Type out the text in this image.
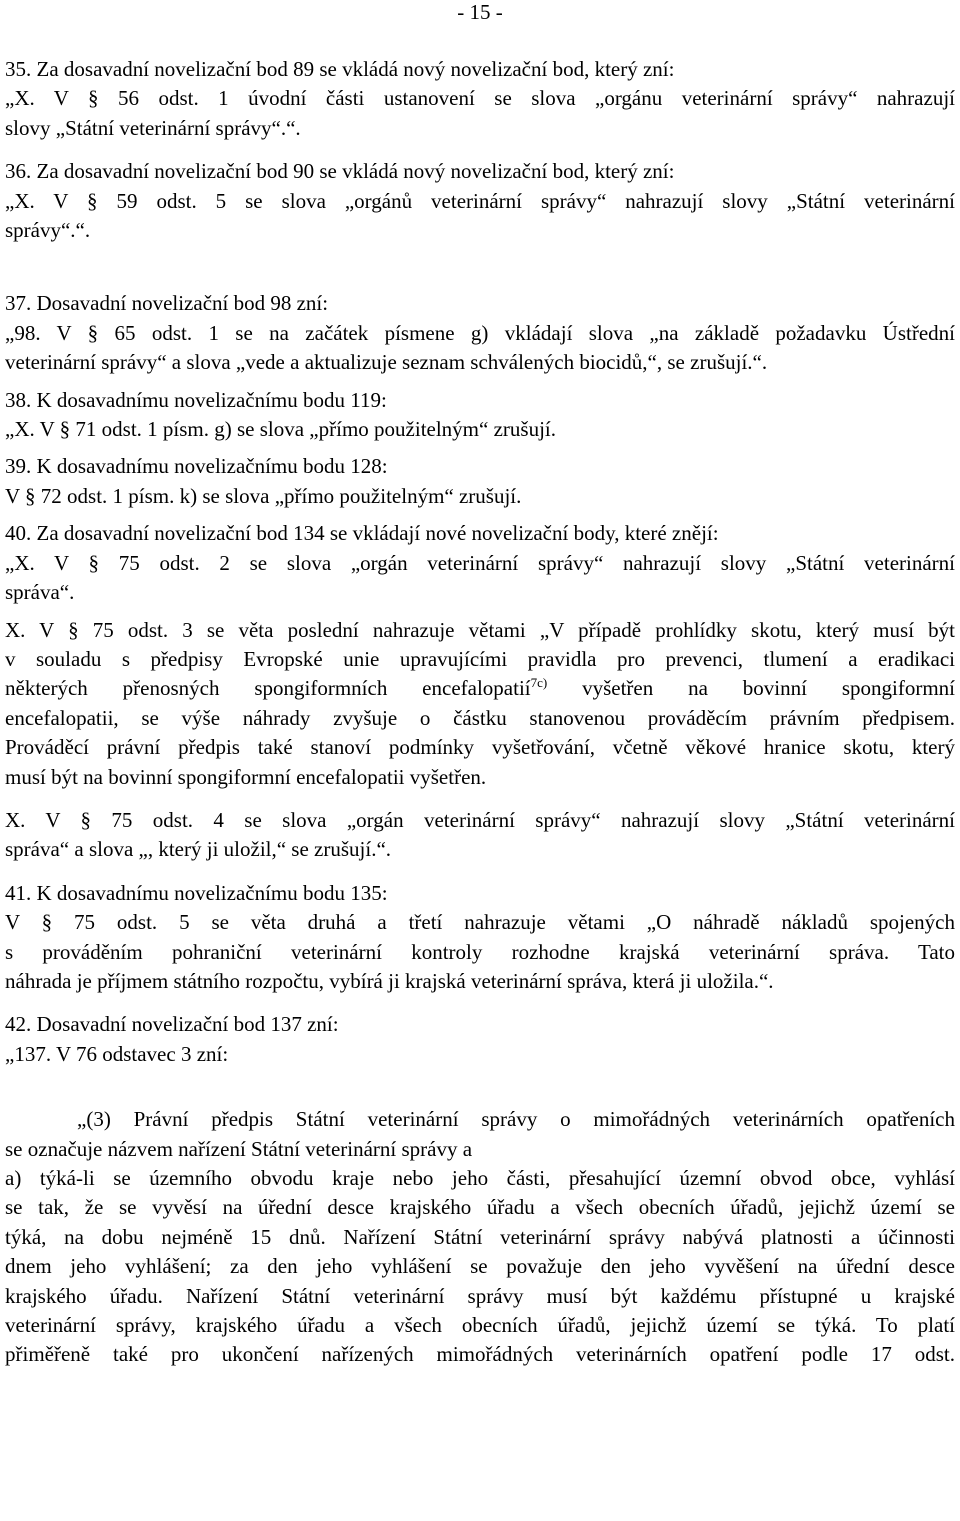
- 15 -
35. Za dosavadní novelizační bod 89 se vkládá nový novelizační bod, který zní:
„X. V § 56 odst. 1 úvodní části ustanovení se slova „orgánu veterinární správy“ nahrazují
slovy „Státní veterinární správy“.“.
36. Za dosavadní novelizační bod 90 se vkládá nový novelizační bod, který zní:
„X. V § 59 odst. 5 se slova „orgánů veterinární správy“ nahrazují slovy „Státní veterinární
správy“.“.
37. Dosavadní novelizační bod 98 zní:
„98. V § 65 odst. 1 se na začátek písmene g) vkládají slova „na základě požadavku Ústřední
veterinární správy“ a slova „vede a aktualizuje seznam schválených biocidů,“, se zrušují.“.
38. K dosavadnímu novelizačnímu bodu 119:
„X. V § 71 odst. 1 písm. g) se slova „přímo použitelným“ zrušují.
39. K dosavadnímu novelizačnímu bodu 128:
V § 72 odst. 1 písm. k) se slova „přímo použitelným“ zrušují.
40. Za dosavadní novelizační bod 134 se vkládají nové novelizační body, které znějí:
„X. V § 75 odst. 2 se slova „orgán veterinární správy“ nahrazují slovy „Státní veterinární
správa“.
X. V § 75 odst. 3 se věta poslední nahrazuje větami „V případě prohlídky skotu, který musí být
v souladu s předpisy Evropské unie upravujícími pravidla pro prevenci, tlumení a eradikaci
některých přenosných spongiformních encefalopatií$^{7c)}$ vyšetřen na bovinní spongiformní
encefalopatii, se výše náhrady zvyšuje o částku stanovenou prováděcím právním předpisem.
Prováděcí právní předpis také stanoví podmínky vyšetřování, včetně věkové hranice skotu, který
musí být na bovinní spongiformní encefalopatii vyšetřen.
X. V § 75 odst. 4 se slova „orgán veterinární správy“ nahrazují slovy „Státní veterinární
správa“ a slova „, který ji uložil,“ se zrušují.“.
41. K dosavadnímu novelizačnímu bodu 135:
V § 75 odst. 5 se věta druhá a třetí nahrazuje větami „O náhradě nákladů spojených
s prováděním pohraniční veterinární kontroly rozhodne krajská veterinární správa. Tato
náhrada je příjmem státního rozpočtu, vybírá ji krajská veterinární správa, která ji uložila.“.
42. Dosavadní novelizační bod 137 zní:
„137. V 76 odstavec 3 zní:
„(3) Právní předpis Státní veterinární správy o mimořádných veterinárních opatřeních
se označuje názvem nařízení Státní veterinární správy a
a) týká-li se územního obvodu kraje nebo jeho části, přesahující územní obvod obce, vyhlásí
se tak, že se vyvěsí na úřední desce krajského úřadu a všech obecních úřadů, jejichž území se
týká, na dobu nejméně 15 dnů. Nařízení Státní veterinární správy nabývá platnosti a účinnosti
dnem jeho vyhlášení; za den jeho vyhlášení se považuje den jeho vyvěšení na úřední desce
krajského úřadu. Nařízení Státní veterinární správy musí být každému přístupné u krajské
veterinární správy, krajského úřadu a všech obecních úřadů, jejichž území se týká. To platí
přiměřeně také pro ukončení nařízených mimořádných veterinárních opatření podle 17 odst.
